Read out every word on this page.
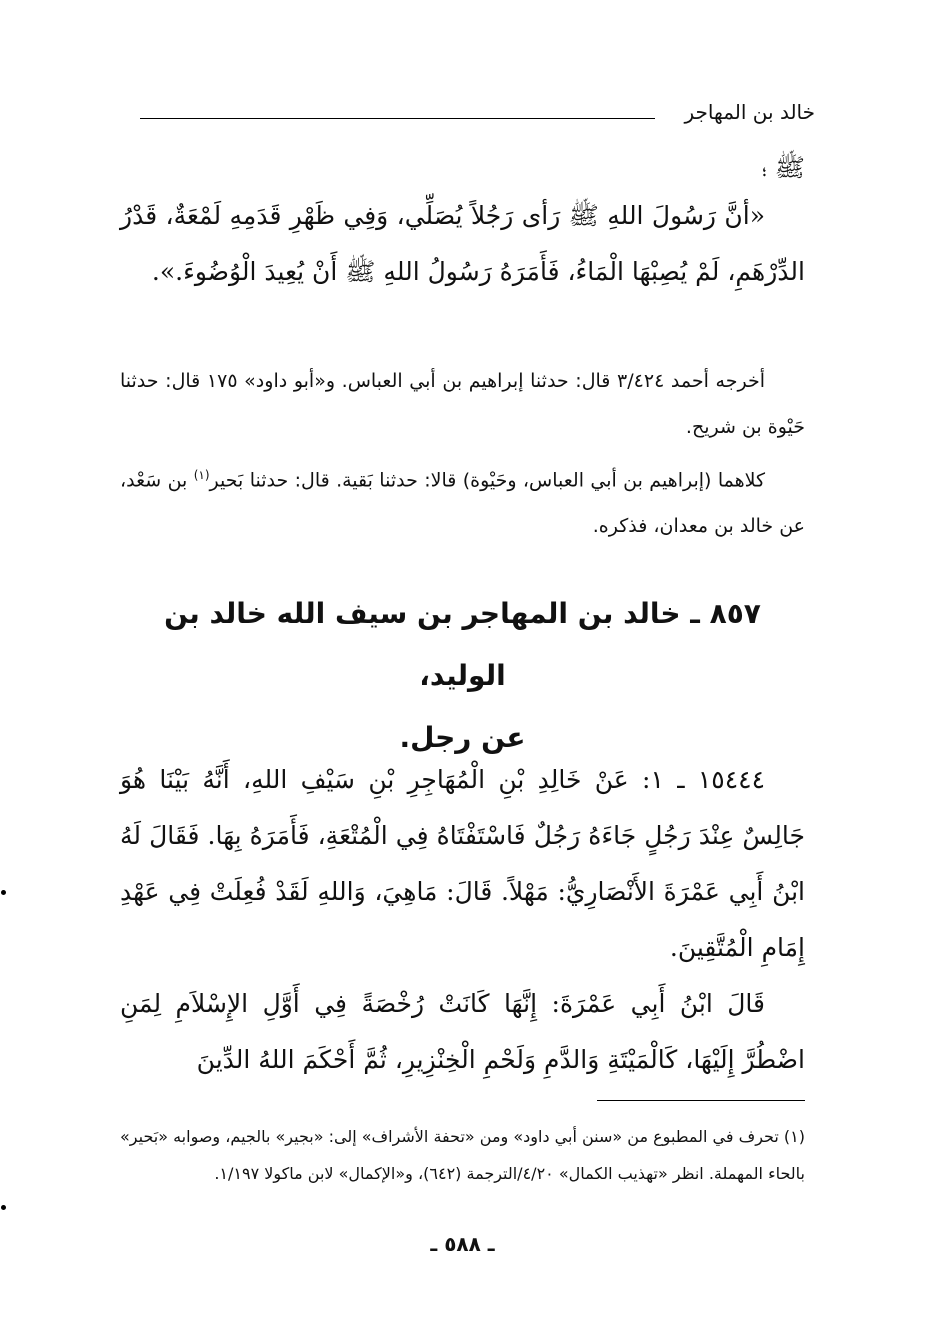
خالد بن المهاجر
ﷺ ؛
«أنَّ رَسُولَ اللهِ ﷺ رَأى رَجُلاً يُصَلِّي، وَفِي ظَهْرِ قَدَمِهِ لَمْعَةٌ، قَدْرُ الدِّرْهَمِ، لَمْ يُصِبْهَا الْمَاءُ، فَأَمَرَهُ رَسُولُ اللهِ ﷺ أَنْ يُعِيدَ الْوُضُوءَ.».
أخرجه أحمد ٣/٤٢٤ قال: حدثنا إبراهيم بن أبي العباس. و«أبو داود» ١٧٥ قال: حدثنا حَيْوة بن شريح.
كلاهما (إبراهيم بن أبي العباس، وحَيْوة) قالا: حدثنا بَقية. قال: حدثنا بَحير$^{(١)}$ بن سَعْد، عن خالد بن معدان، فذكره.
٨٥٧ ـ خالد بن المهاجر بن سيف الله خالد بن الوليد،
عن رجل.
١٥٤٤٤ ـ ١: عَنْ خَالِدِ بْنِ الْمُهَاجِرِ بْنِ سَيْفِ اللهِ، أَنَّهُ بَيْنَا هُوَ جَالِسٌ عِنْدَ رَجُلٍ جَاءَهُ رَجُلٌ فَاسْتَفْتَاهُ فِي الْمُتْعَةِ، فَأَمَرَهُ بِهَا. فَقَالَ لَهُ ابْنُ أَبِي عَمْرَةَ الأَنْصَارِيُّ: مَهْلاً. قَالَ: مَاهِيَ، وَاللهِ لَقَدْ فُعِلَتْ فِي عَهْدِ إِمَامِ الْمُتَّقِينَ.
قَالَ ابْنُ أَبِي عَمْرَةَ: إِنَّهَا كَانَتْ رُخْصَةً فِي أَوَّلِ الإِسْلاَمِ لِمَنِ اضْطُرَّ إِلَيْهَا، كَالْمَيْتَةِ وَالدَّمِ وَلَحْمِ الْخِنْزِيرِ، ثُمَّ أَحْكَمَ اللهُ الدِّينَ
(١) تحرف في المطبوع من «سنن أبي داود» ومن «تحفة الأشراف» إلى: «بجير» بالجيم، وصوابه «بَحير» بالحاء المهملة. انظر «تهذيب الكمال» ٤/٢٠/الترجمة (٦٤٢)، و«الإكمال» لابن ماكولا ١/١٩٧.
ـ ٥٨٨ ـ
